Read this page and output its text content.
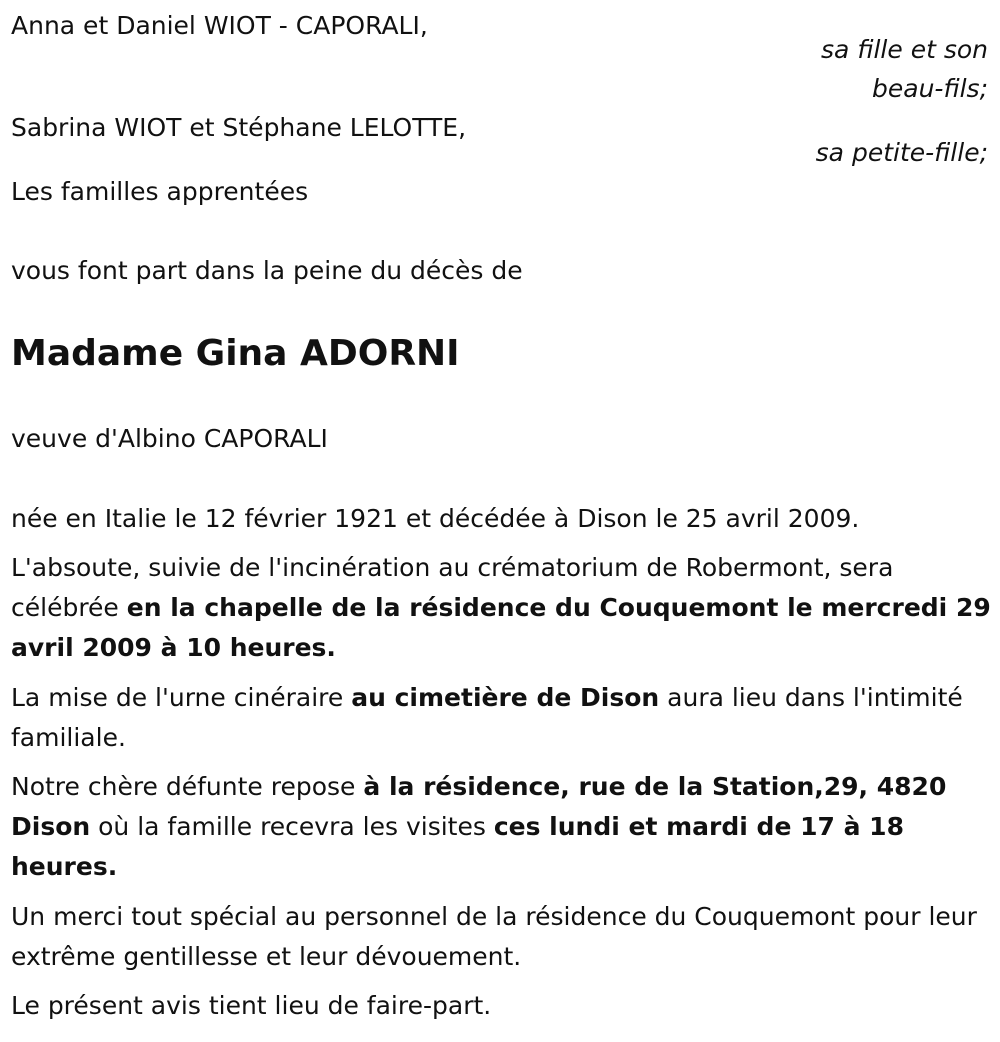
Anna et Daniel WIOT - CAPORALI,

sa fille et son

beau-fils;

Sabrina WIOT et Stéphane LELOTTE,

sa petite-fille;

Les familles apprentées

vous font part dans la peine du décès de

Madame Gina ADORNI

veuve d'Albino CAPORALI

née en Italie le 12 février 1921 et décédée à Dison le 25 avril 2009.

L'absoute, suivie de l'incinération au crématorium de Robermont, sera célébrée en la chapelle de la résidence du Couquemont le mercredi 29 avril 2009 à 10 heures.

La mise de l'urne cinéraire au cimetière de Dison aura lieu dans l'intimité familiale.

Notre chère défunte repose à la résidence, rue de la Station,29, 4820 Dison où la famille recevra les visites ces lundi et mardi de 17 à 18 heures.

Un merci tout spécial au personnel de la résidence du Couquemont pour leur extrême gentillesse et leur dévouement.

Le présent avis tient lieu de faire-part.
